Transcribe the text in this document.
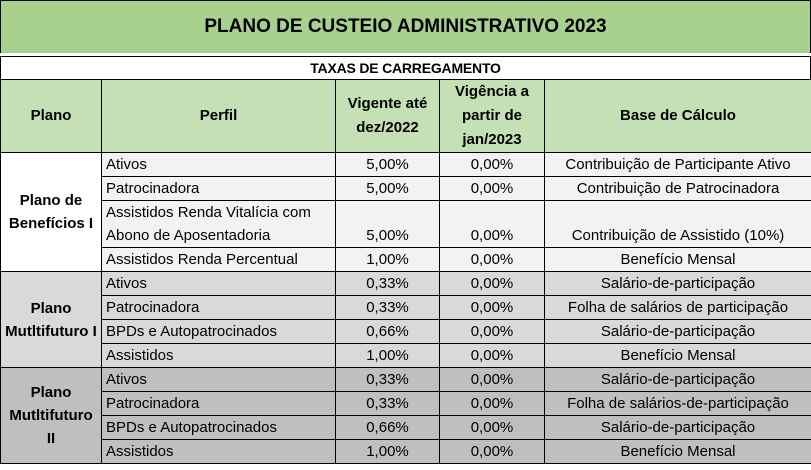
PLANO DE CUSTEIO ADMINISTRATIVO 2023
TAXAS DE CARREGAMENTO
Plano	Perfil	Vigente até dez/2022	Vigência a partir de jan/2023	Base de Cálculo
Plano de Benefícios I	Ativos	5,00%	0,00%	Contribuição de Participante Ativo
	Patrocinadora	5,00%	0,00%	Contribuição de Patrocinadora
	Assistidos Renda Vitalícia com Abono de Aposentadoria	5,00%	0,00%	Contribuição de Assistido (10%)
	Assistidos Renda Percentual	1,00%	0,00%	Benefício Mensal
Plano Mutltifuturo I	Ativos	0,33%	0,00%	Salário-de-participação
	Patrocinadora	0,33%	0,00%	Folha de salários de participação
	BPDs e Autopatrocinados	0,66%	0,00%	Salário-de-participação
	Assistidos	1,00%	0,00%	Benefício Mensal
Plano Mutltifuturo II	Ativos	0,33%	0,00%	Salário-de-participação
	Patrocinadora	0,33%	0,00%	Folha de salários-de-participação
	BPDs e Autopatrocinados	0,66%	0,00%	Salário-de-participação
	Assistidos	1,00%	0,00%	Benefício Mensal
